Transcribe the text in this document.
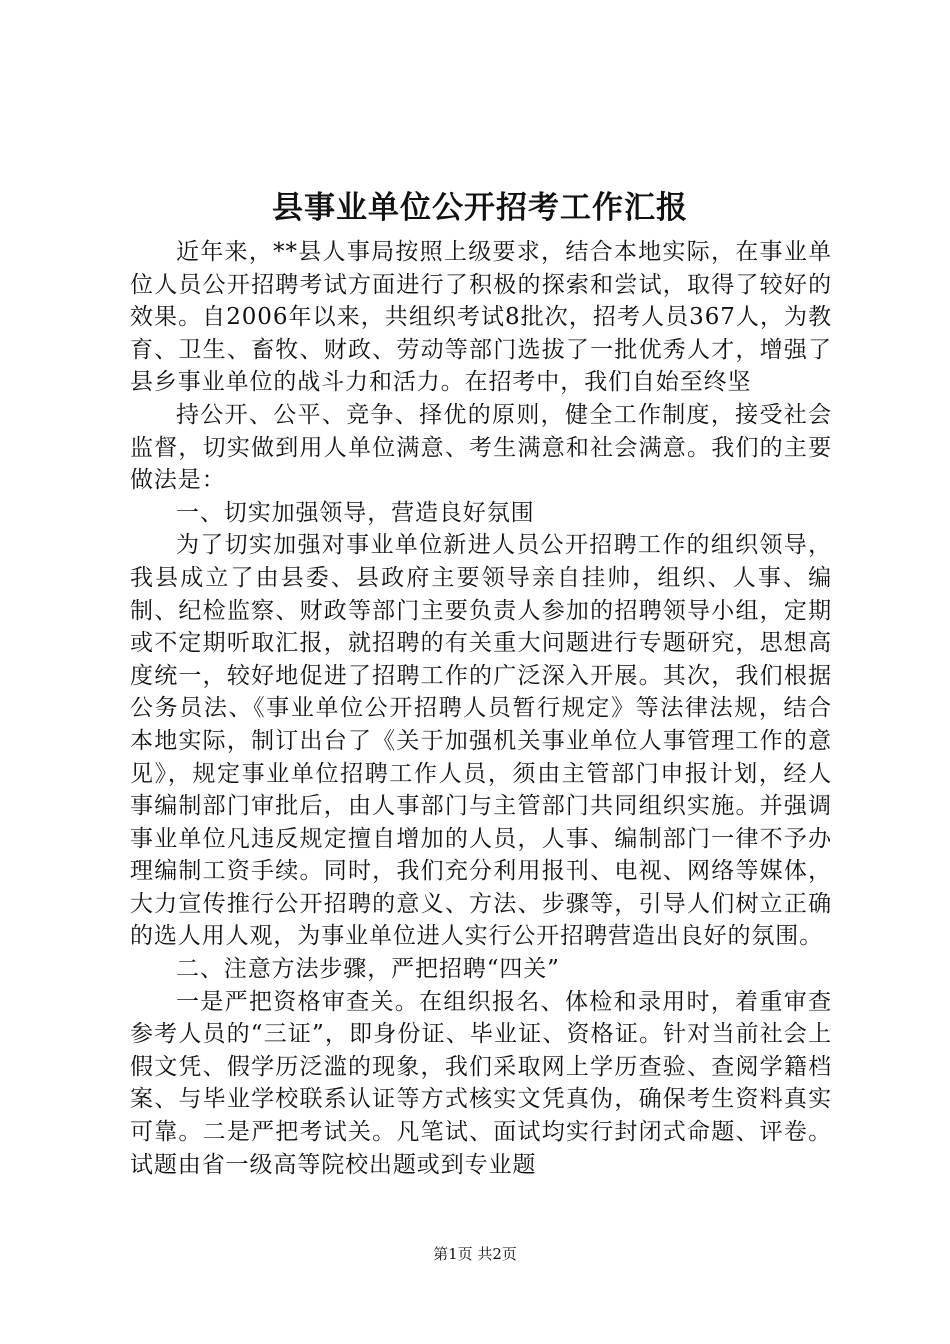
县事业单位公开招考工作汇报

近年来，**县人事局按照上级要求，结合本地实际，在事业单位人员公开招聘考试方面进行了积极的探索和尝试，取得了较好的效果。自2006年以来，共组织考试8批次，招考人员367人，为教育、卫生、畜牧、财政、劳动等部门选拔了一批优秀人才，增强了县乡事业单位的战斗力和活力。在招考中，我们自始至终坚

持公开、公平、竞争、择优的原则，健全工作制度，接受社会监督，切实做到用人单位满意、考生满意和社会满意。我们的主要做法是：

一、切实加强领导，营造良好氛围

为了切实加强对事业单位新进人员公开招聘工作的组织领导，我县成立了由县委、县政府主要领导亲自挂帅，组织、人事、编制、纪检监察、财政等部门主要负责人参加的招聘领导小组，定期或不定期听取汇报，就招聘的有关重大问题进行专题研究，思想高度统一，较好地促进了招聘工作的广泛深入开展。其次，我们根据公务员法、《事业单位公开招聘人员暂行规定》等法律法规，结合本地实际，制订出台了《关于加强机关事业单位人事管理工作的意见》，规定事业单位招聘工作人员，须由主管部门申报计划，经人事编制部门审批后，由人事部门与主管部门共同组织实施。并强调事业单位凡违反规定擅自增加的人员，人事、编制部门一律不予办理编制工资手续。同时，我们充分利用报刊、电视、网络等媒体，大力宣传推行公开招聘的意义、方法、步骤等，引导人们树立正确的选人用人观，为事业单位进人实行公开招聘营造出良好的氛围。

二、注意方法步骤，严把招聘“四关”

一是严把资格审查关。在组织报名、体检和录用时，着重审查参考人员的“三证”，即身份证、毕业证、资格证。针对当前社会上假文凭、假学历泛滥的现象，我们采取网上学历查验、查阅学籍档案、与毕业学校联系认证等方式核实文凭真伪，确保考生资料真实可靠。二是严把考试关。凡笔试、面试均实行封闭式命题、评卷。试题由省一级高等院校出题或到专业题

第1页 共2页
